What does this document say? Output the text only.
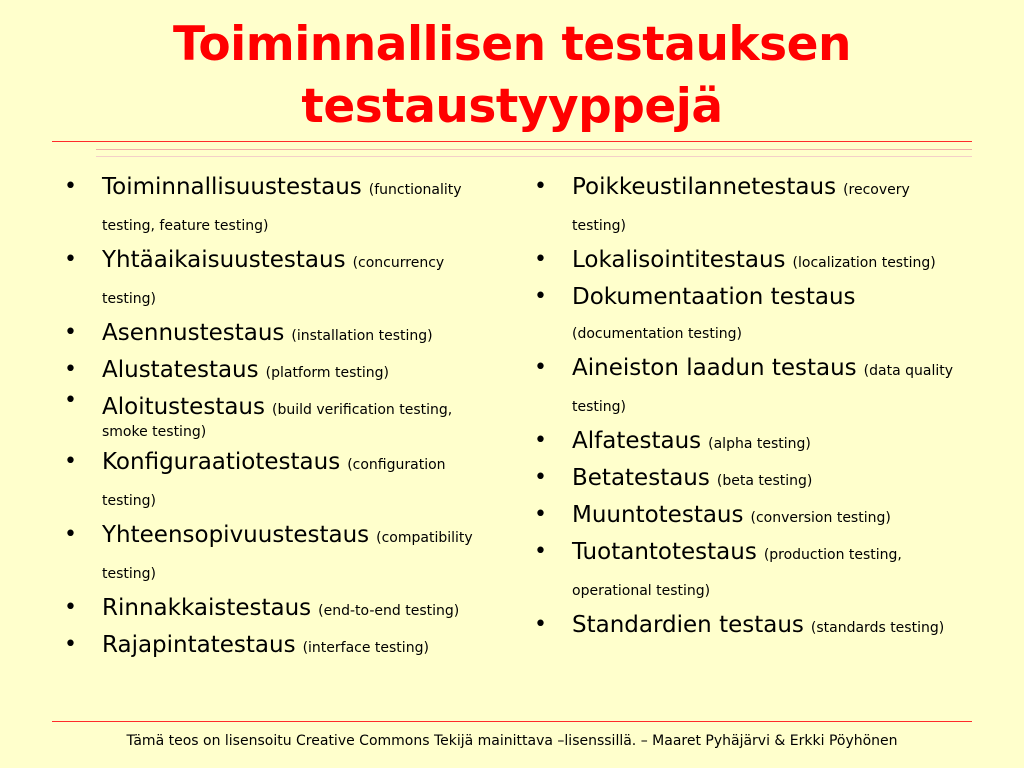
Toiminnallisen testauksen
testaustyyppejä
• Toiminnallisuustestaus (functionality testing, feature testing)
• Yhtäaikaisuustestaus (concurrency testing)
• Asennustestaus (installation testing)
• Alustatestaus (platform testing)
• Aloitustestaus (build verification testing, smoke testing)
• Konfiguraatiotestaus (configuration testing)
• Yhteensopivuustestaus (compatibility testing)
• Rinnakkaistestaus (end-to-end testing)
• Rajapintatestaus (interface testing)
• Poikkeustilannetestaus (recovery testing)
• Lokalisointitestaus (localization testing)
• Dokumentaation testaus (documentation testing)
• Aineiston laadun testaus (data quality testing)
• Alfatestaus (alpha testing)
• Betatestaus (beta testing)
• Muuntotestaus (conversion testing)
• Tuotantotestaus (production testing, operational testing)
• Standardien testaus (standards testing)
Tämä teos on lisensoitu Creative Commons Tekijä mainittava –lisenssillä. – Maaret Pyhäjärvi & Erkki Pöyhönen
